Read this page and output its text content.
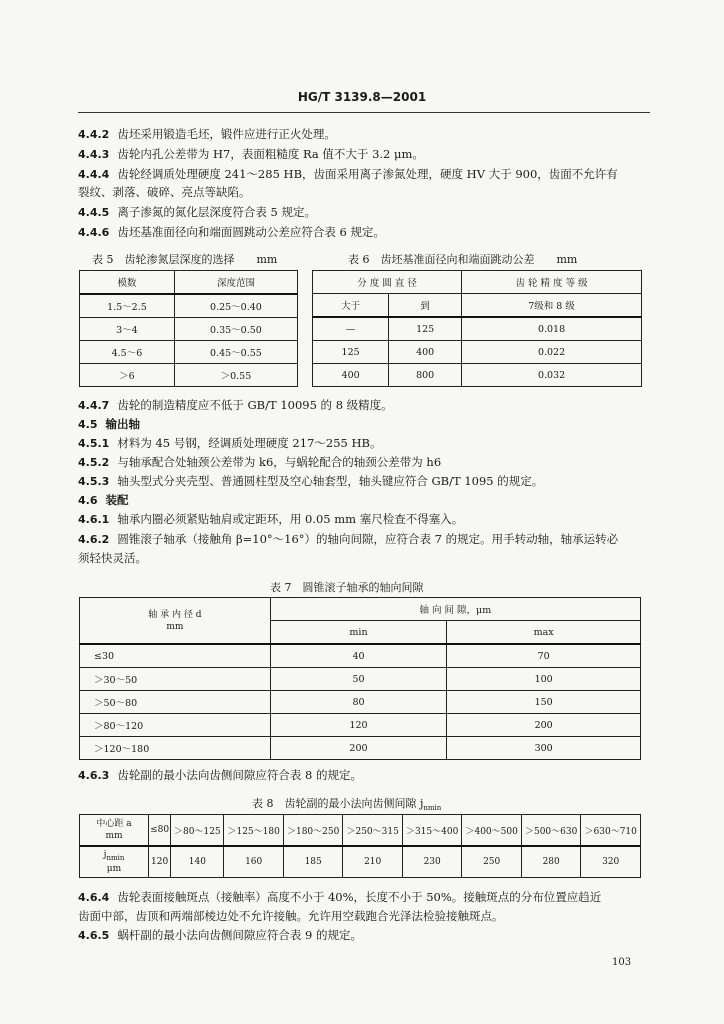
HG/T 3139.8—2001
4.4.2 齿坯采用锻造毛坯，锻件应进行正火处理。
4.4.3 齿轮内孔公差带为 H7，表面粗糙度 Ra 值不大于 3.2 μm。
4.4.4 齿轮经调质处理硬度 241～285 HB，齿面采用离子渗氮处理，硬度 HV 大于 900，齿面不允许有
裂纹、剥落、破碎、亮点等缺陷。
4.4.5 离子渗氮的氮化层深度符合表 5 规定。
4.4.6 齿坯基准面径向和端面圆跳动公差应符合表 6 规定。
表 5　齿轮渗氮层深度的选择 mm
模数	深度范围
1.5～2.5	0.25～0.40
3～4	0.35～0.50
4.5～6	0.45～0.55
＞6	＞0.55
表 6　齿坯基准面径向和端面跳动公差 mm
分 度 圆 直 径		齿 轮 精 度 等 级
大于	到	7级和 8 级
—	125	0.018
125	400	0.022
400	800	0.032
4.4.7 齿轮的制造精度应不低于 GB/T 10095 的 8 级精度。
4.5 输出轴
4.5.1 材料为 45 号钢，经调质处理硬度 217～255 HB。
4.5.2 与轴承配合处轴颈公差带为 k6，与蜗轮配合的轴颈公差带为 h6
4.5.3 轴头型式分夹壳型、普通圆柱型及空心轴套型，轴头键应符合 GB/T 1095 的规定。
4.6 装配
4.6.1 轴承内圈必须紧贴轴肩或定距环，用 0.05 mm 塞尺检查不得塞入。
4.6.2 圆锥滚子轴承（接触角 β=10°～16°）的轴向间隙，应符合表 7 的规定。用手转动轴，轴承运转必
须轻快灵活。
表 7　圆锥滚子轴承的轴向间隙
轴 承 内 径 d
mm	轴 向 间 隙，μm	
	min	max
≤30	40	70
＞30～50	50	100
＞50～80	80	150
＞80～120	120	200
＞120～180	200	300
4.6.3 齿轮副的最小法向齿侧间隙应符合表 8 的规定。
表 8　齿轮副的最小法向齿侧间隙 $j_{nmin}$
中心距 a
mm	≤80	＞80～125	＞125～180	＞180～250	＞250～315	＞315～400	＞400～500	＞500～630	＞630～710

$j_{nmin}$
μm	120	140	160	185	210	230	250	280	320
4.6.4 齿轮表面接触斑点（接触率）高度不小于 40%，长度不小于 50%。接触斑点的分布位置应趋近
齿面中部，齿顶和两端部棱边处不允许接触。允许用空载跑合光泽法检验接触斑点。
4.6.5 蜗杆副的最小法向齿侧间隙应符合表 9 的规定。
103
